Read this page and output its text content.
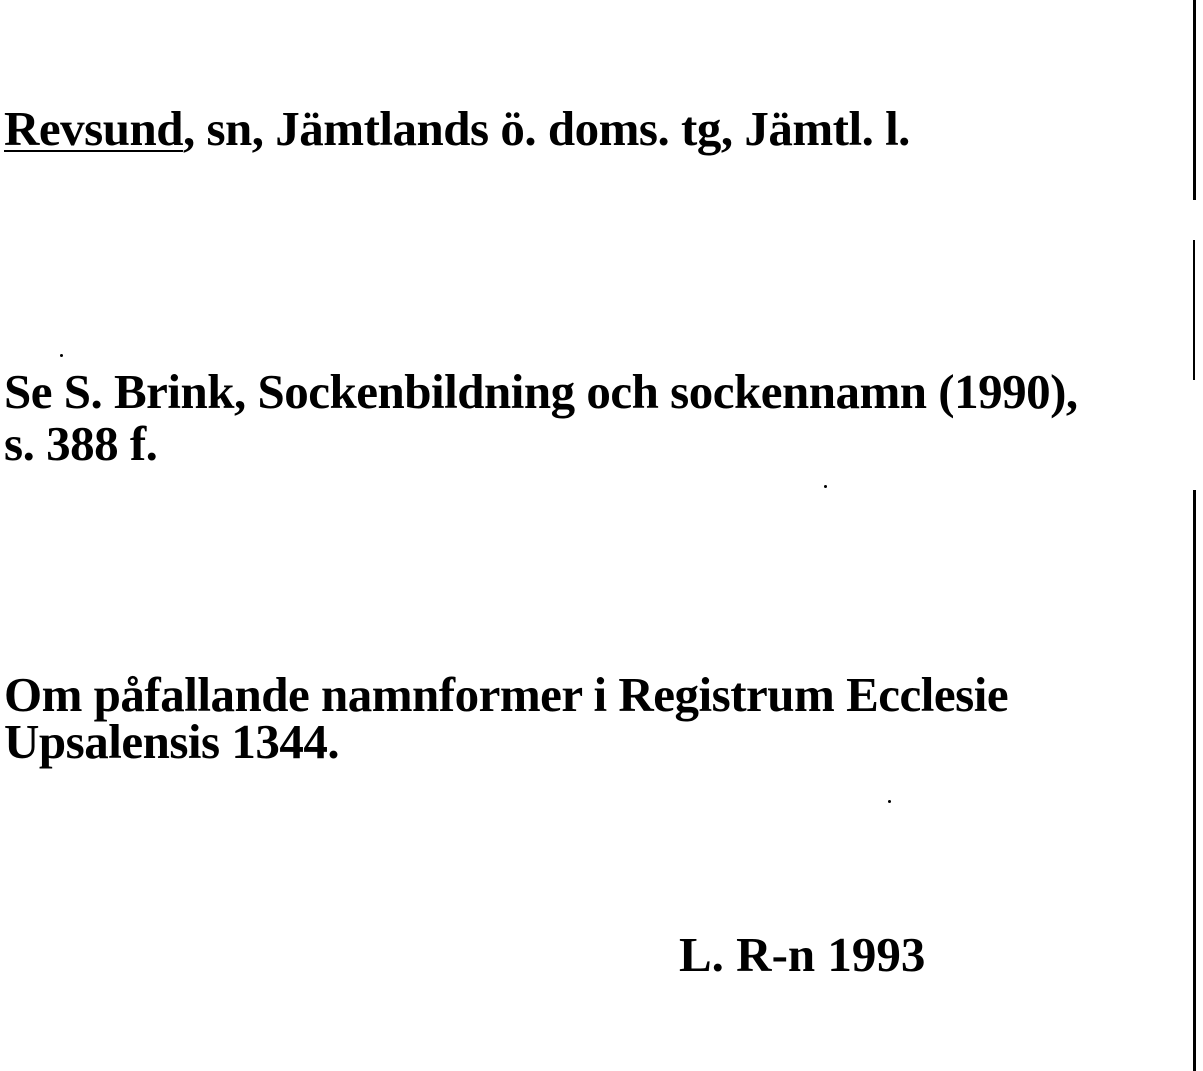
Revsund, sn, Jämtlands ö. doms. tg, Jämtl. l.
Se S. Brink, Sockenbildning och sockennamn (1990),
s. 388 f.
Om påfallande namnformer i Registrum Ecclesie
Upsalensis 1344.
L. R-n 1993
